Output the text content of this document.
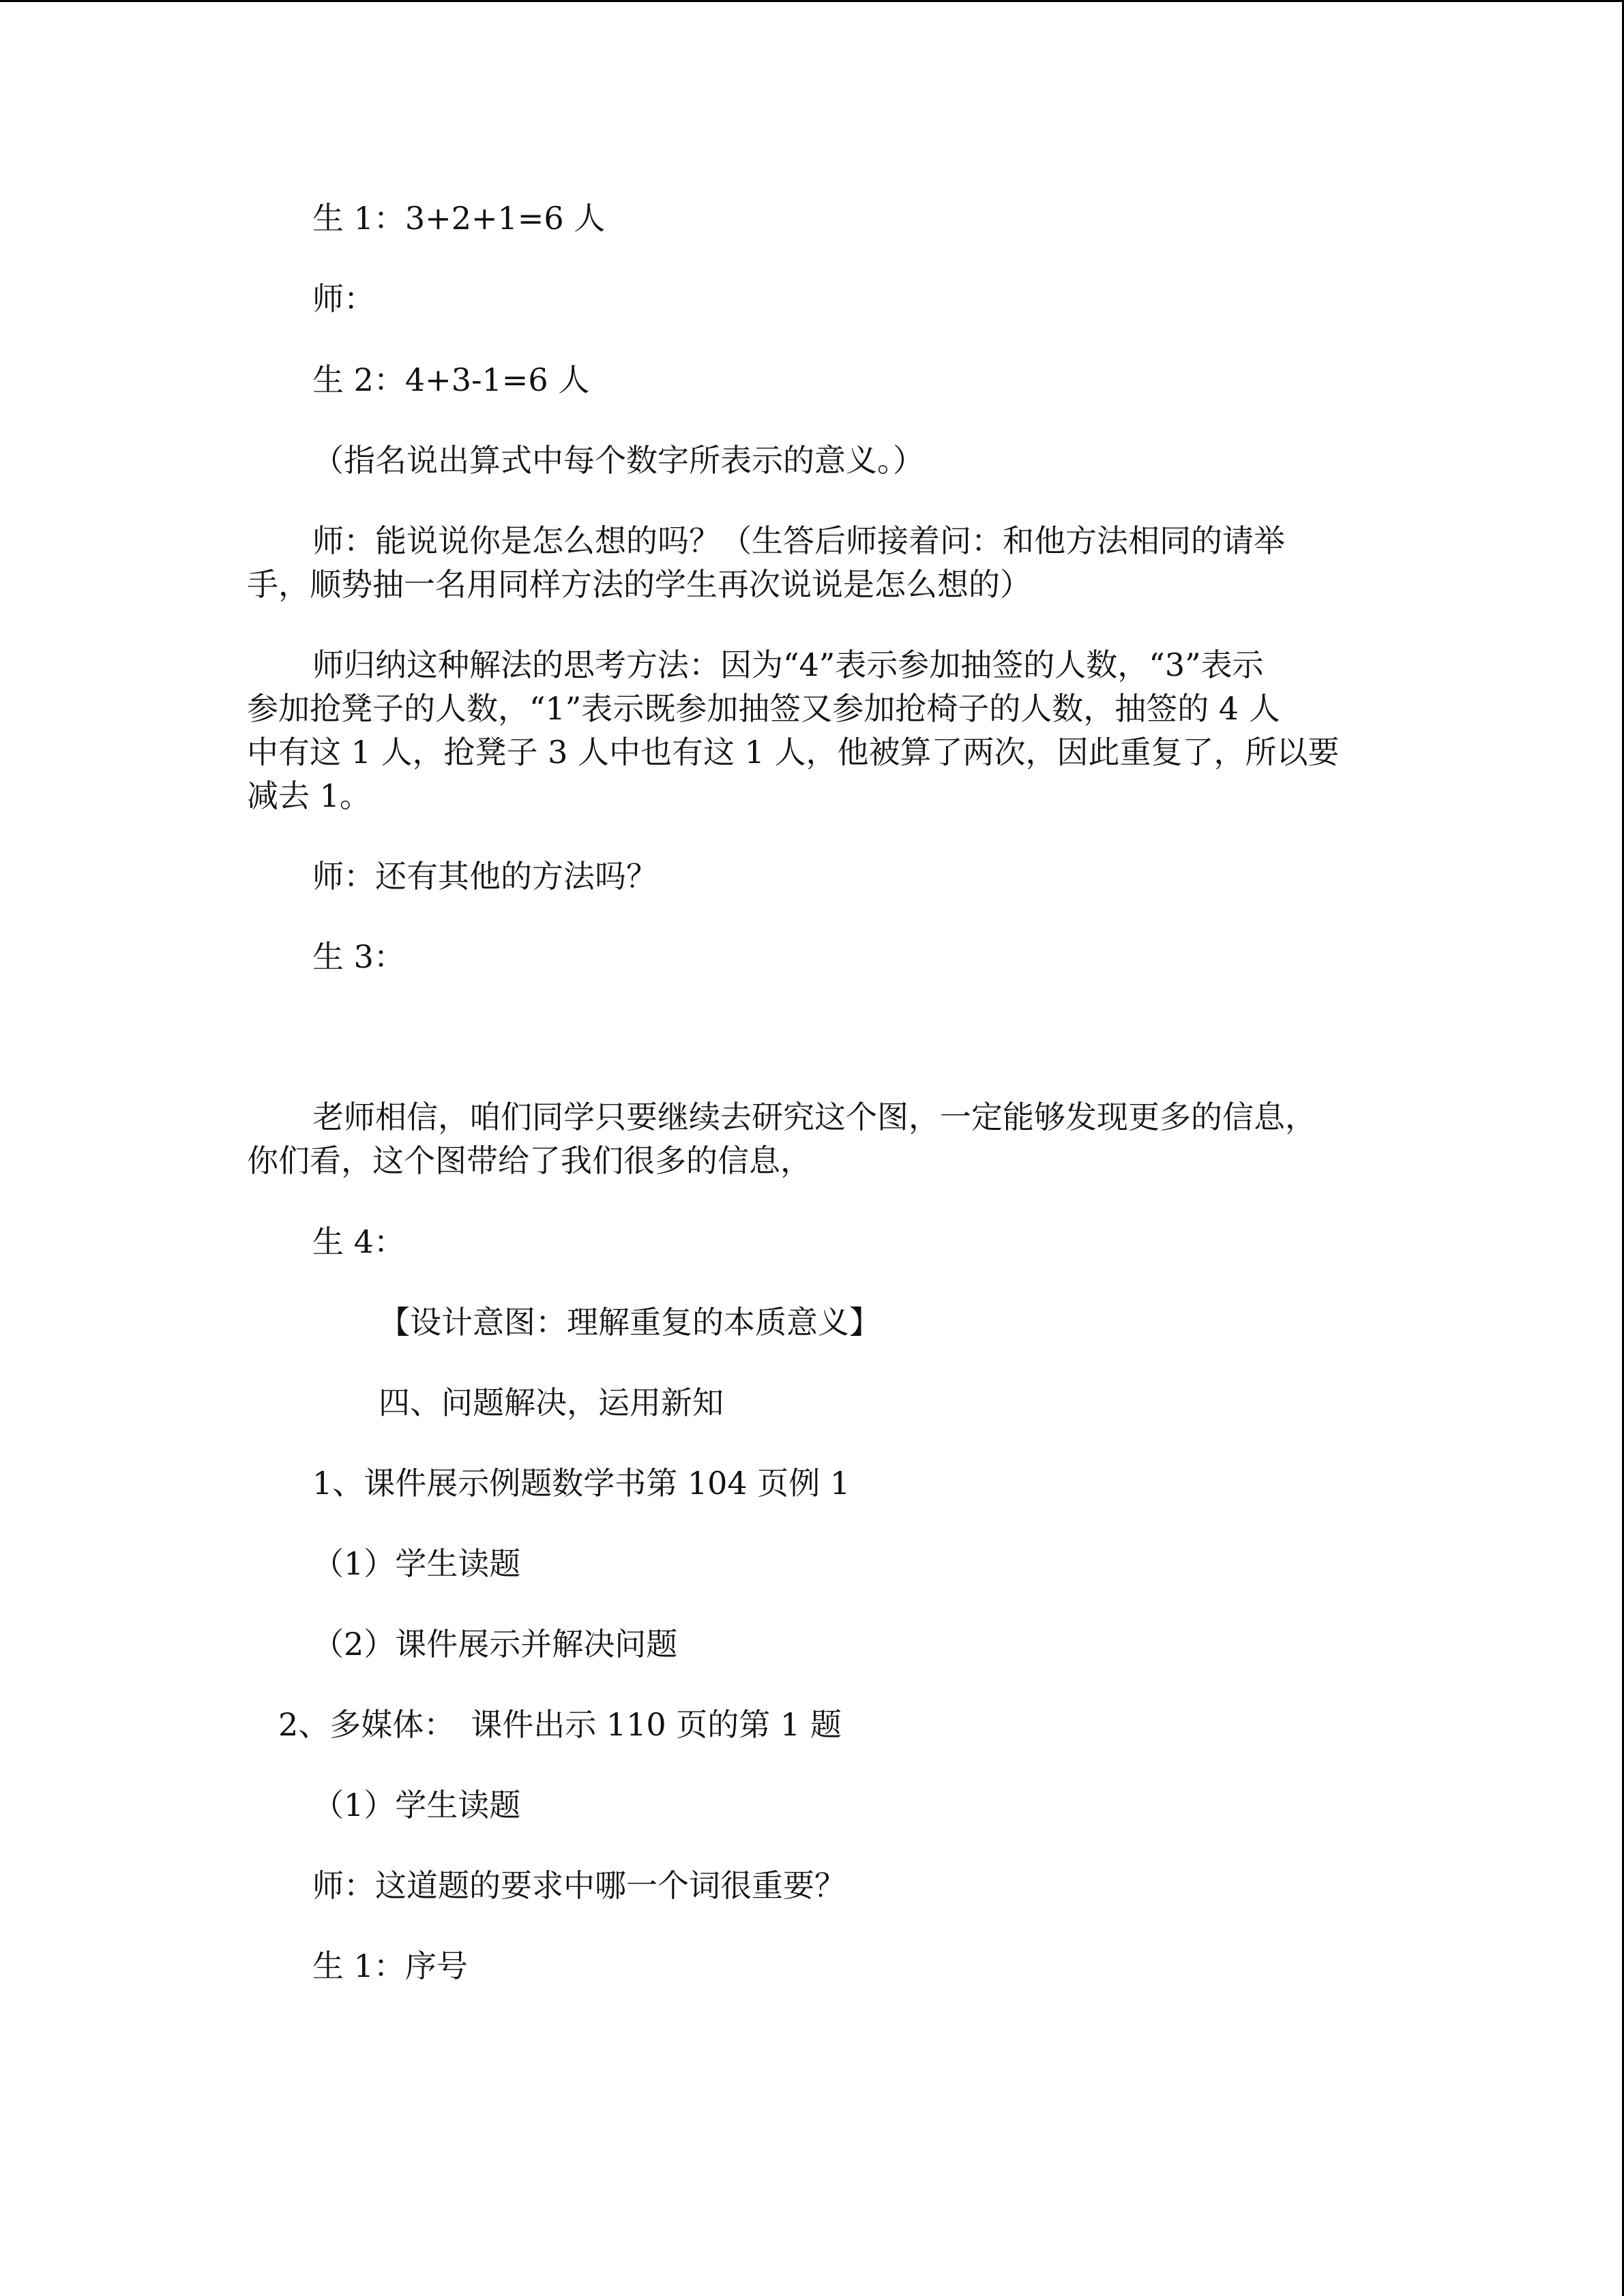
生 1：3+2+1=6 人
师：
生 2：4+3-1=6 人
（指名说出算式中每个数字所表示的意义。）
师：能说说你是怎么想的吗？（生答后师接着问：和他方法相同的请举
手，顺势抽一名用同样方法的学生再次说说是怎么想的）
师归纳这种解法的思考方法：因为“4”表示参加抽签的人数，“3”表示
参加抢凳子的人数，“1”表示既参加抽签又参加抢椅子的人数，抽签的 4 人
中有这 1 人，抢凳子 3 人中也有这 1 人，他被算了两次，因此重复了，所以要
减去 1。
师：还有其他的方法吗？
生 3：
老师相信，咱们同学只要继续去研究这个图，一定能够发现更多的信息，
你们看，这个图带给了我们很多的信息，
生 4：
【设计意图：理解重复的本质意义】
四、问题解决，运用新知
1、课件展示例题数学书第 104 页例 1
（1）学生读题
（2）课件展示并解决问题
2、多媒体：　课件出示 110 页的第 1 题
（1）学生读题
师：这道题的要求中哪一个词很重要？
生 1：序号
